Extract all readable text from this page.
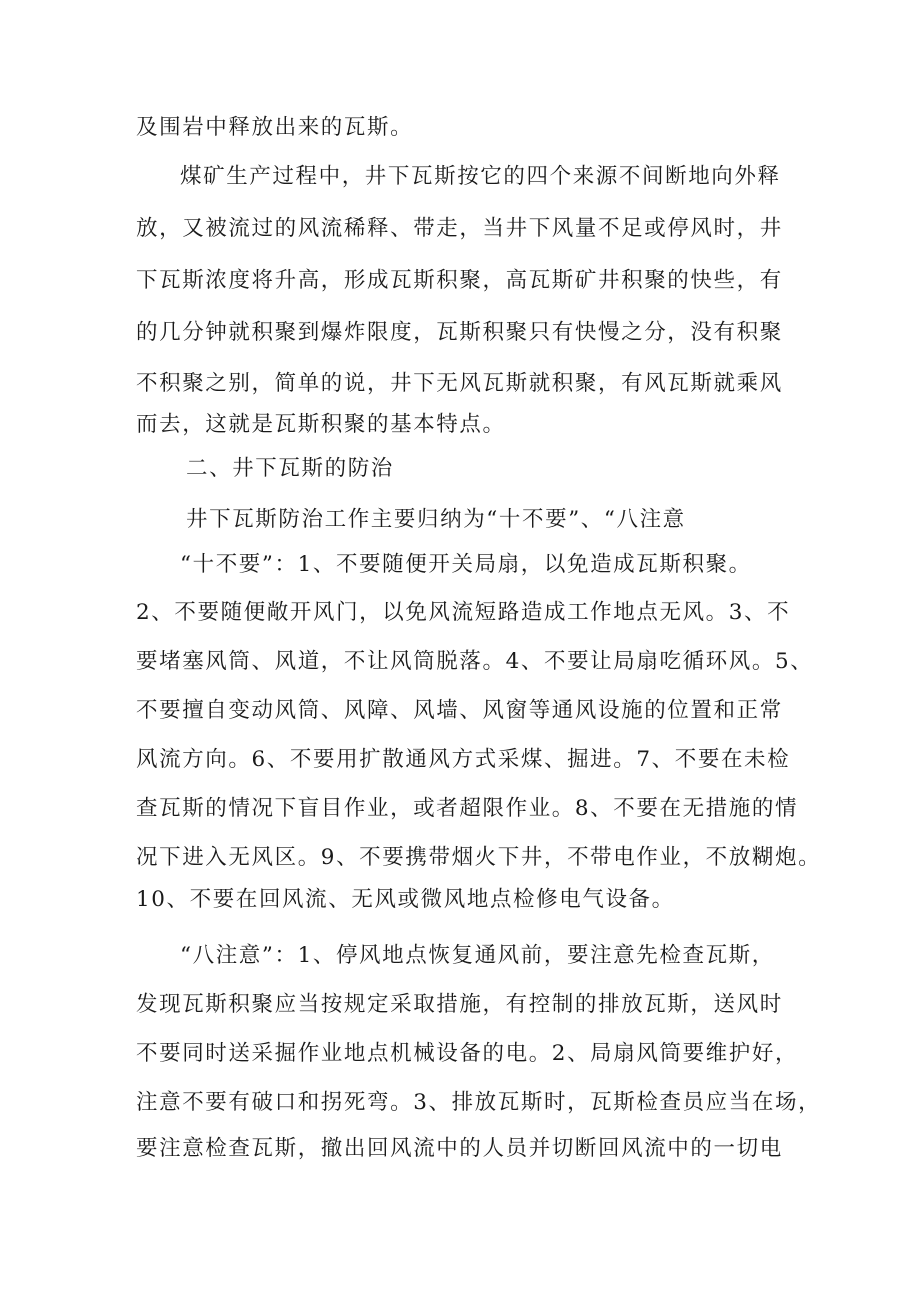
及围岩中释放出来的瓦斯。
煤矿生产过程中，井下瓦斯按它的四个来源不间断地向外释
放，又被流过的风流稀释、带走，当井下风量不足或停风时，井
下瓦斯浓度将升高，形成瓦斯积聚，高瓦斯矿井积聚的快些，有
的几分钟就积聚到爆炸限度，瓦斯积聚只有快慢之分，没有积聚
不积聚之别，简单的说，井下无风瓦斯就积聚，有风瓦斯就乘风
而去，这就是瓦斯积聚的基本特点。
二、井下瓦斯的防治
井下瓦斯防治工作主要归纳为“十不要”、“八注意
“十不要”：1、不要随便开关局扇，以免造成瓦斯积聚。
2、不要随便敞开风门，以免风流短路造成工作地点无风。3、不
要堵塞风筒、风道，不让风筒脱落。4、不要让局扇吃循环风。5、
不要擅自变动风筒、风障、风墙、风窗等通风设施的位置和正常
风流方向。6、不要用扩散通风方式采煤、掘进。7、不要在未检
查瓦斯的情况下盲目作业，或者超限作业。8、不要在无措施的情
况下进入无风区。9、不要携带烟火下井，不带电作业，不放糊炮。
10、不要在回风流、无风或微风地点检修电气设备。
“八注意”：1、停风地点恢复通风前，要注意先检查瓦斯，
发现瓦斯积聚应当按规定采取措施，有控制的排放瓦斯，送风时
不要同时送采掘作业地点机械设备的电。2、局扇风筒要维护好，
注意不要有破口和拐死弯。3、排放瓦斯时，瓦斯检查员应当在场，
要注意检查瓦斯，撤出回风流中的人员并切断回风流中的一切电
